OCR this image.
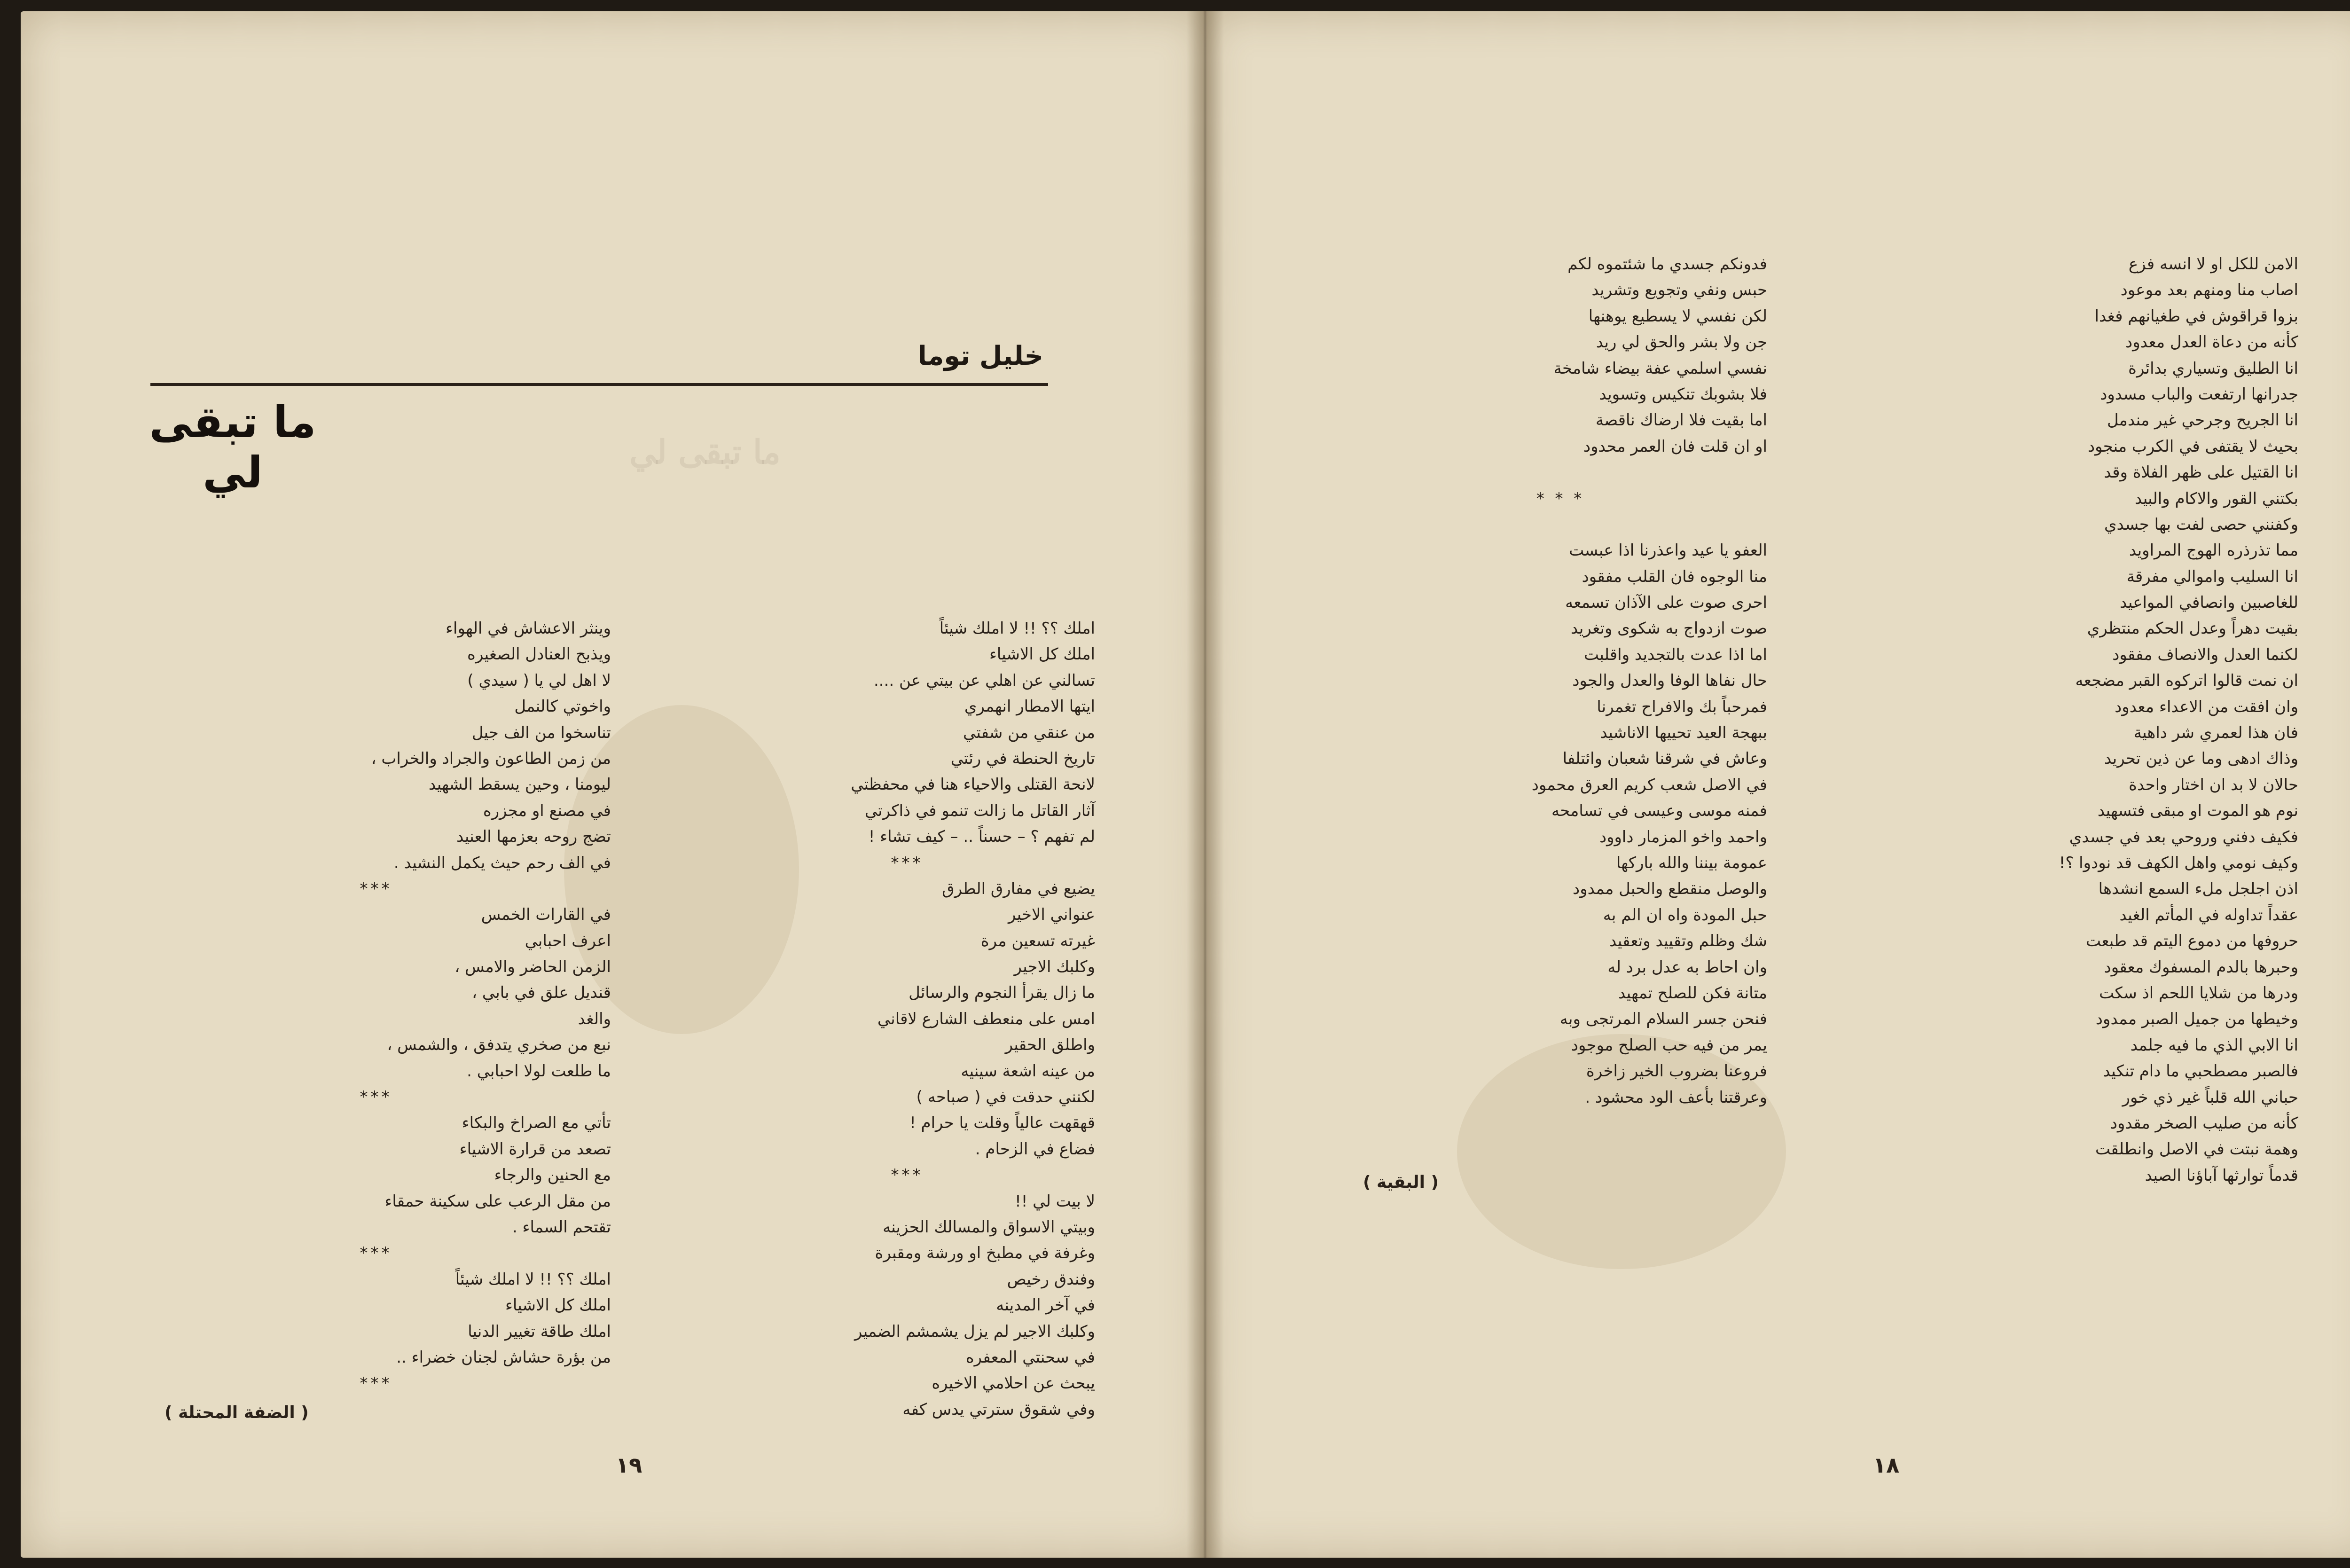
خليل توما
ما تبقى لي	ما تبقى لي
املك ؟؟ !! لا املك شيئاً
املك كل الاشياء
تسالني عن اهلي عن بيتي عن ....
ايتها الامطار انهمري
من عنقي من شفتي
تاريخ الحنطة في رئتي
لانحة القتلى والاحياء هنا في محفظتي
آثار القاتل ما زالت تنمو في ذاكرتي
لم تفهم ؟ – حسناً .. – كيف تشاء !
***
يضيع في مفارق الطرق
عنواني الاخير
غيرته تسعين مرة
وكلبك الاجير
ما زال يقرأ النجوم والرسائل
امس على منعطف الشارع لاقاني
واطلق الحقير
من عينه اشعة سينيه
لكنني حدقت في ( صباحه )
قهقهت عالياً وقلت يا حرام !
فضاع في الزحام .
***
لا بيت لي !!
وبيتي الاسواق والمسالك الحزينه
وغرفة في مطبخ او ورشة ومقبرة
وفندق رخيص
في آخر المدينه
وكلبك الاجير لم يزل يشمشم الضمير
في سحنتي المعفره
يبحث عن احلامي الاخيره
وفي شقوق سترتي يدس كفه
وينثر الاعشاش في الهواء
ويذبح العنادل الصغيره
لا اهل لي يا ( سيدي )
واخوتي كالنمل
تناسخوا من الف جيل
من زمن الطاعون والجراد والخراب ،
ليومنا ، وحين يسقط الشهيد
في مصنع او مجزره
تضج روحه بعزمها العنيد
في الف رحم حيث يكمل النشيد .
***
في القارات الخمس
اعرف احبابي
الزمن الحاضر والامس ،
قنديل علق في بابي ،
والغد
نبع من صخري يتدفق ، والشمس ،
ما طلعت لولا احبابي .
***
تأتي مع الصراخ والبكاء
تصعد من قرارة الاشياء
مع الحنين والرجاء
من مقل الرعب على سكينة حمقاء
تقتحم السماء .
***
املك ؟؟ !! لا املك شيئاً
املك كل الاشياء
املك طاقة تغيير الدنيا
من بؤرة حشاش لجنان خضراء ..
***
( الضفة المحتلة )
١٩
الامن للكل او لا انسه فزع
اصاب منا ومنهم بعد موعود
بزوا قراقوش في طغيانهم فغدا
كأنه من دعاة العدل معدود
انا الطليق وتسياري بدائرة
جدرانها ارتفعت والباب مسدود
انا الجريح وجرحي غير مندمل
بحيث لا يقتفى في الكرب منجود
انا القتيل على ظهر الفلاة وقد
بكتني القور والاكام والبيد
وكفنني حصى لفت بها جسدي
مما تذرذره الهوج المراويد
انا السليب واموالي مفرقة
للغاصبين وانصافي المواعيد
بقيت دهراً وعدل الحكم منتظري
لكنما العدل والانصاف مفقود
ان نمت قالوا اتركوه القبر مضجعه
وان افقت من الاعداء معدود
فان هذا لعمري شر داهية
وذاك ادهى وما عن ذين تحريد
حالان لا بد ان اختار واحدة
نوم هو الموت او مبقى فتسهيد
فكيف دفني وروحي بعد في جسدي
وكيف نومي واهل الكهف قد نودوا ؟!
اذن اجلجل ملء السمع انشدها
عقداً تداوله في المأتم الغيد
حروفها من دموع اليتم قد طبعت
وحبرها بالدم المسفوك معقود
ودرها من شلايا اللحم اذ سكت
وخيطها من جميل الصبر ممدود
انا الابي الذي ما فيه جلمد
فالصبر مصطحبي ما دام تنكيد
حباني الله قلباً غير ذي خور
كأنه من صليب الصخر مقدود
وهمة نبتت في الاصل وانطلقت
قدماً توارثها آباؤنا الصيد
فدونكم جسدي ما شئتموه لكم
حبس ونفي وتجويع وتشريد
لكن نفسي لا يسطيع يوهنها
جن ولا بشر والحق لي ريد
نفسي اسلمي عفة بيضاء شامخة
فلا بشوبك تنكيس وتسويد
اما بقيت فلا ارضاك ناقصة
او ان قلت فان العمر محدود
* * *
العفو يا عيد واعذرنا اذا عبست
منا الوجوه فان القلب مفقود
احرى صوت على الآذان تسمعه
صوت ازدواج به شكوى وتغريد
اما اذا عدت بالتجديد واقلبت
حال نفاها الوفا والعدل والجود
فمرحباً بك والافراح تغمرنا
ببهجة العيد تحييها الاناشيد
وعاش في شرقنا شعبان وائتلفا
في الاصل شعب كريم العرق محمود
فمنه موسى وعيسى في تسامحه
واحمد واخو المزمار داوود
عمومة بيننا والله باركها
والوصل منقطع والحبل ممدود
حبل المودة واه ان الم به
شك وظلم وتقييد وتعقيد
وان احاط به عدل برد له
متانة فكن للصلح تمهيد
فنحن جسر السلام المرتجى وبه
يمر من فيه حب الصلح موجود
فروعنا بضروب الخير زاخرة
وعرقتنا بأعف الود محشود .
( البقية )
١٨
